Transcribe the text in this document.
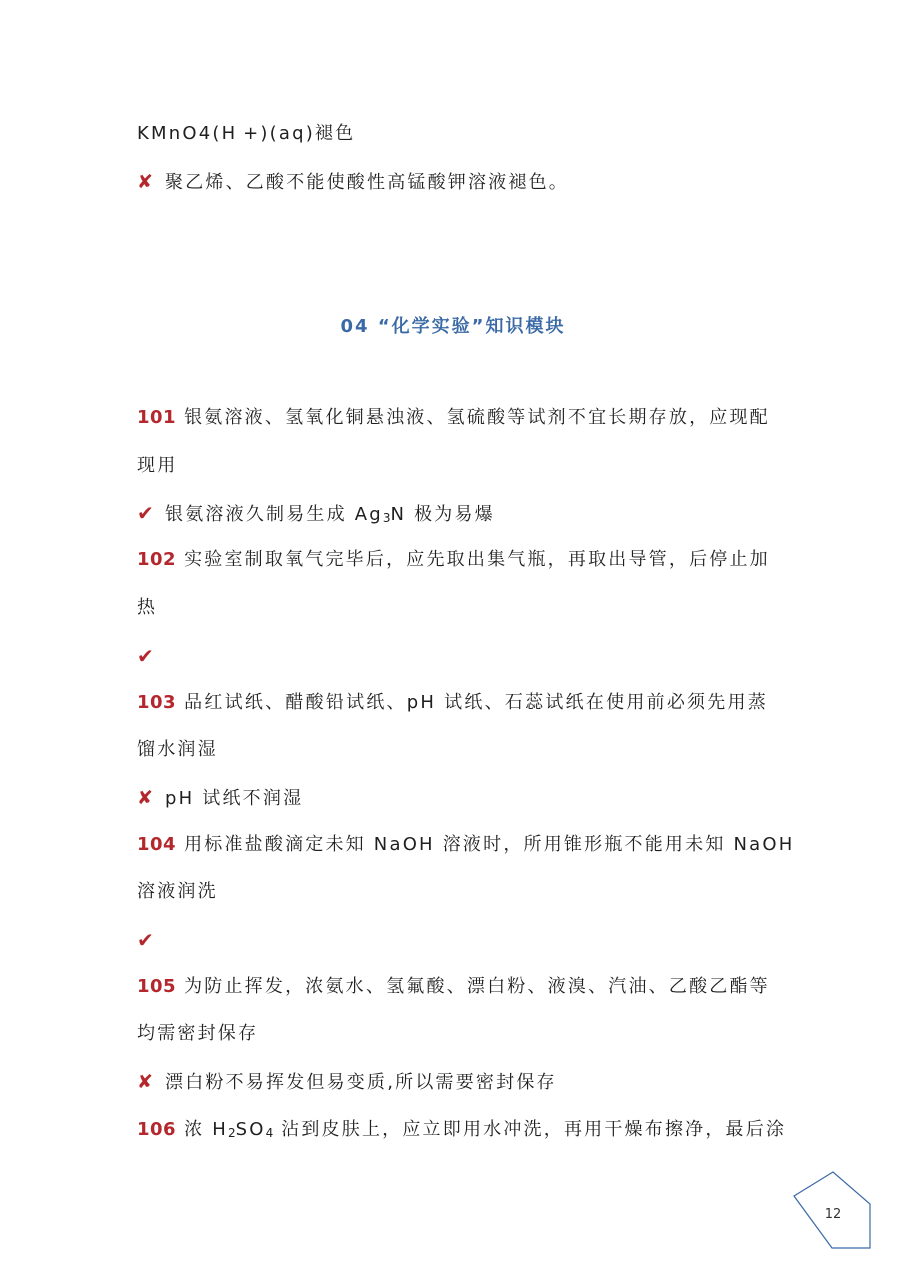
KMnO4(H +)(aq)褪色
✘ 聚乙烯、乙酸不能使酸性高锰酸钾溶液褪色。
04 “化学实验”知识模块
101 银氨溶液、氢氧化铜悬浊液、氢硫酸等试剂不宜长期存放，应现配
现用
✔ 银氨溶液久制易生成 Ag3N 极为易爆
102 实验室制取氧气完毕后，应先取出集气瓶，再取出导管，后停止加
热
✔
103 品红试纸、醋酸铅试纸、pH 试纸、石蕊试纸在使用前必须先用蒸
馏水润湿
✘ pH 试纸不润湿
104 用标准盐酸滴定未知 NaOH 溶液时，所用锥形瓶不能用未知 NaOH
溶液润洗
✔
105 为防止挥发，浓氨水、氢氟酸、漂白粉、液溴、汽油、乙酸乙酯等
均需密封保存
✘ 漂白粉不易挥发但易变质,所以需要密封保存
106 浓 H2SO4 沾到皮肤上，应立即用水冲洗，再用干燥布擦净，最后涂
12
